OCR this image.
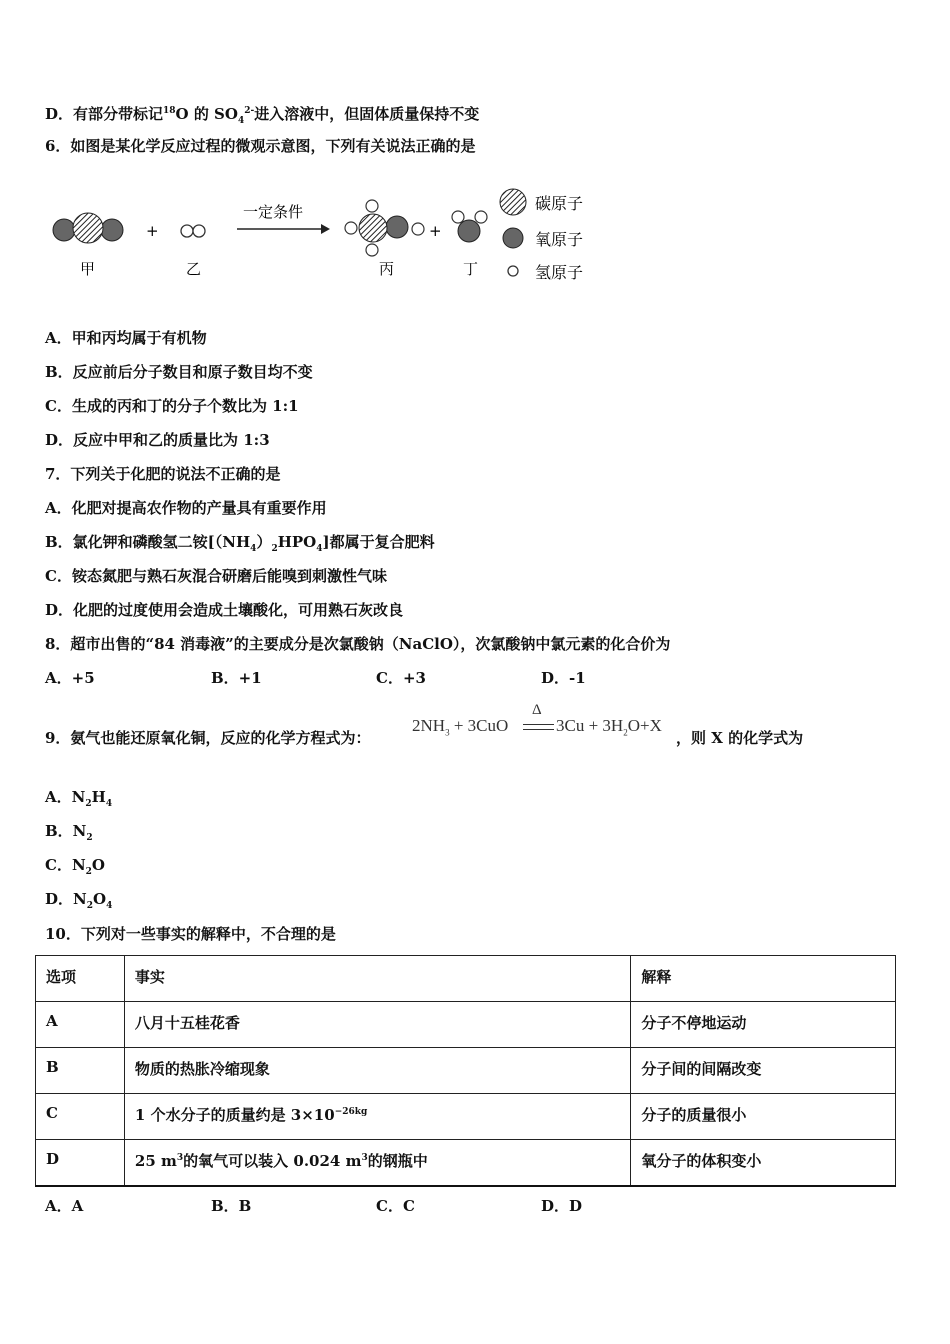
D．有部分带标记$^{18}$O 的 $SO_4^{2-}$进入溶液中，但固体质量保持不变
6．如图是某化学反应过程的微观示意图，下列有关说法正确的是
+
一定条件
+
甲	乙	丙	丁
碳原子
氧原子
氢原子
A．甲和丙均属于有机物
B．反应前后分子数目和原子数目均不变
C．生成的丙和丁的分子个数比为 1:1
D．反应中甲和乙的质量比为 1:3
7．下列关于化肥的说法不正确的是
A．化肥对提高农作物的产量具有重要作用
B．氯化钾和磷酸氢二铵$[(NH_4)_2HPO_4]$都属于复合肥料
C．铵态氮肥与熟石灰混合研磨后能嗅到刺激性气味
D．化肥的过度使用会造成土壤酸化，可用熟石灰改良
8．超市出售的“84 消毒液”的主要成分是次氯酸钠（NaClO），次氯酸钠中氯元素的化合价为
A．+5	B．+1	C．+3	D．-1
9．氨气也能还原氧化铜，反应的化学方程式为：
Δ
$2NH_3 + 3CuO$	$3Cu + 3H_2O+X$
，则 X 的化学式为
A．$N_2H_4$
B．$N_2$
C．$N_2O$
D．$N_2O_4$
10．下列对一些事实的解释中，不合理的是
选项	事实	解释
A	八月十五桂花香	分子不停地运动
B	物质的热胀冷缩现象	分子间的间隔改变
C	1 个水分子的质量约是 $3\times 10^{-26kg}$	分子的质量很小
D	25 $m^3$的氧气可以装入 0.024 $m^3$的钢瓶中	氧分子的体积变小
A．A	B．B	C．C	D．D
